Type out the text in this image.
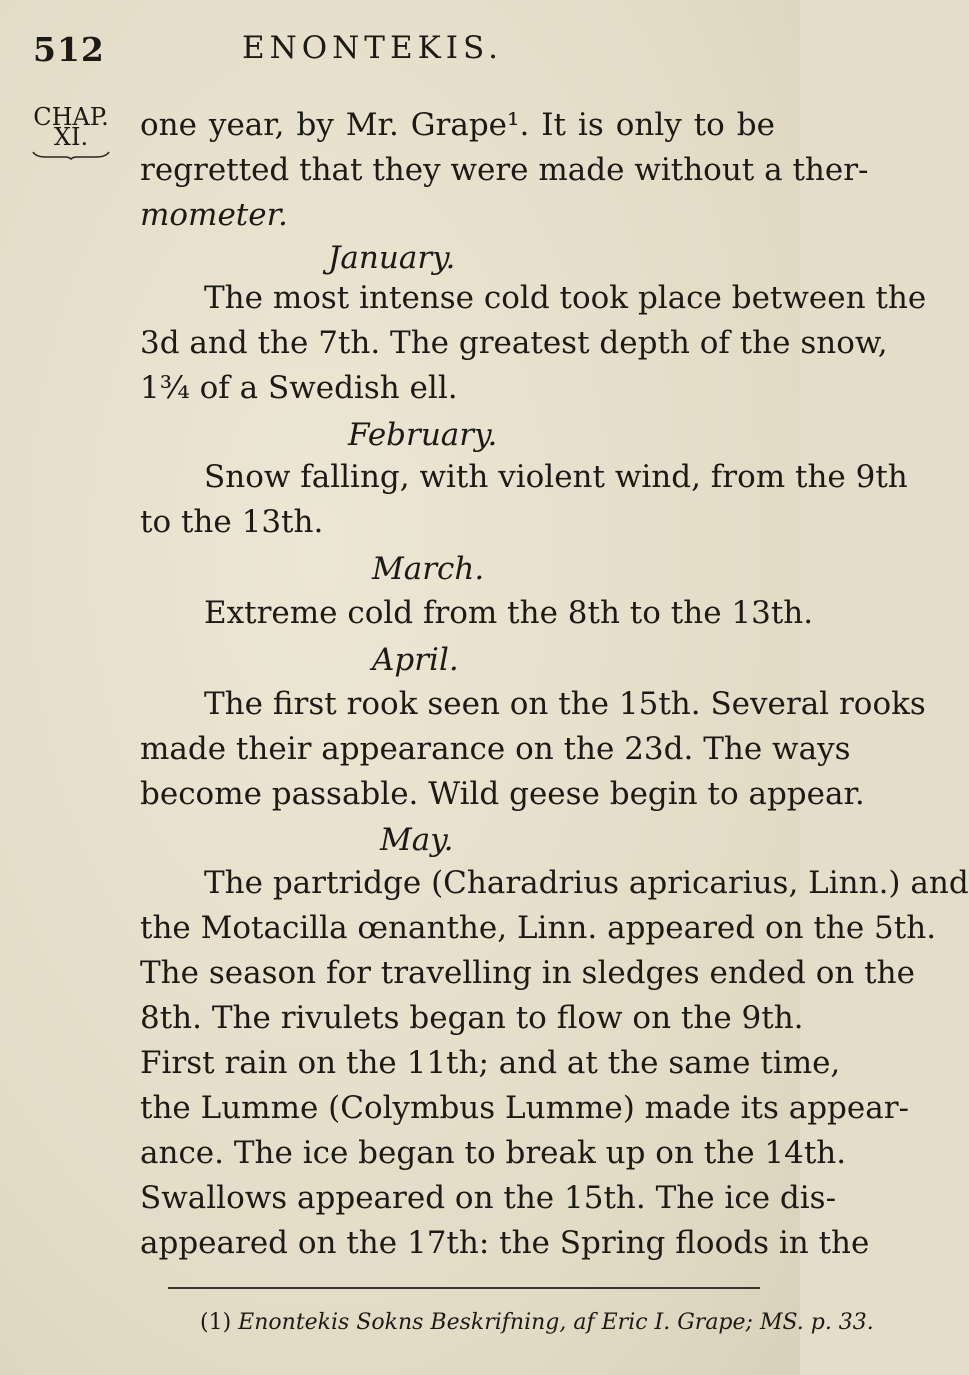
512	ENONTEKIS.
CHAP.
XI.	one year, by Mr. Grape¹. It is only to be
regretted that they were made without a ther-
mometer.
January.
The most intense cold took place between the
3d and the 7th. The greatest depth of the snow,
1¾ of a Swedish ell.
February.
Snow falling, with violent wind, from the 9th
to the 13th.
March.
Extreme cold from the 8th to the 13th.
April.
The first rook seen on the 15th. Several rooks
made their appearance on the 23d. The ways
become passable. Wild geese begin to appear.
May.
The partridge (Charadrius apricarius, Linn.) and
the Motacilla œnanthe, Linn. appeared on the 5th.
The season for travelling in sledges ended on the
8th. The rivulets began to flow on the 9th.
First rain on the 11th; and at the same time,
the Lumme (Colymbus Lumme) made its appear-
ance. The ice began to break up on the 14th.
Swallows appeared on the 15th. The ice dis-
appeared on the 17th: the Spring floods in the
(1) Enontekis Sokns Beskrifning, af Eric I. Grape; MS. p. 33.
